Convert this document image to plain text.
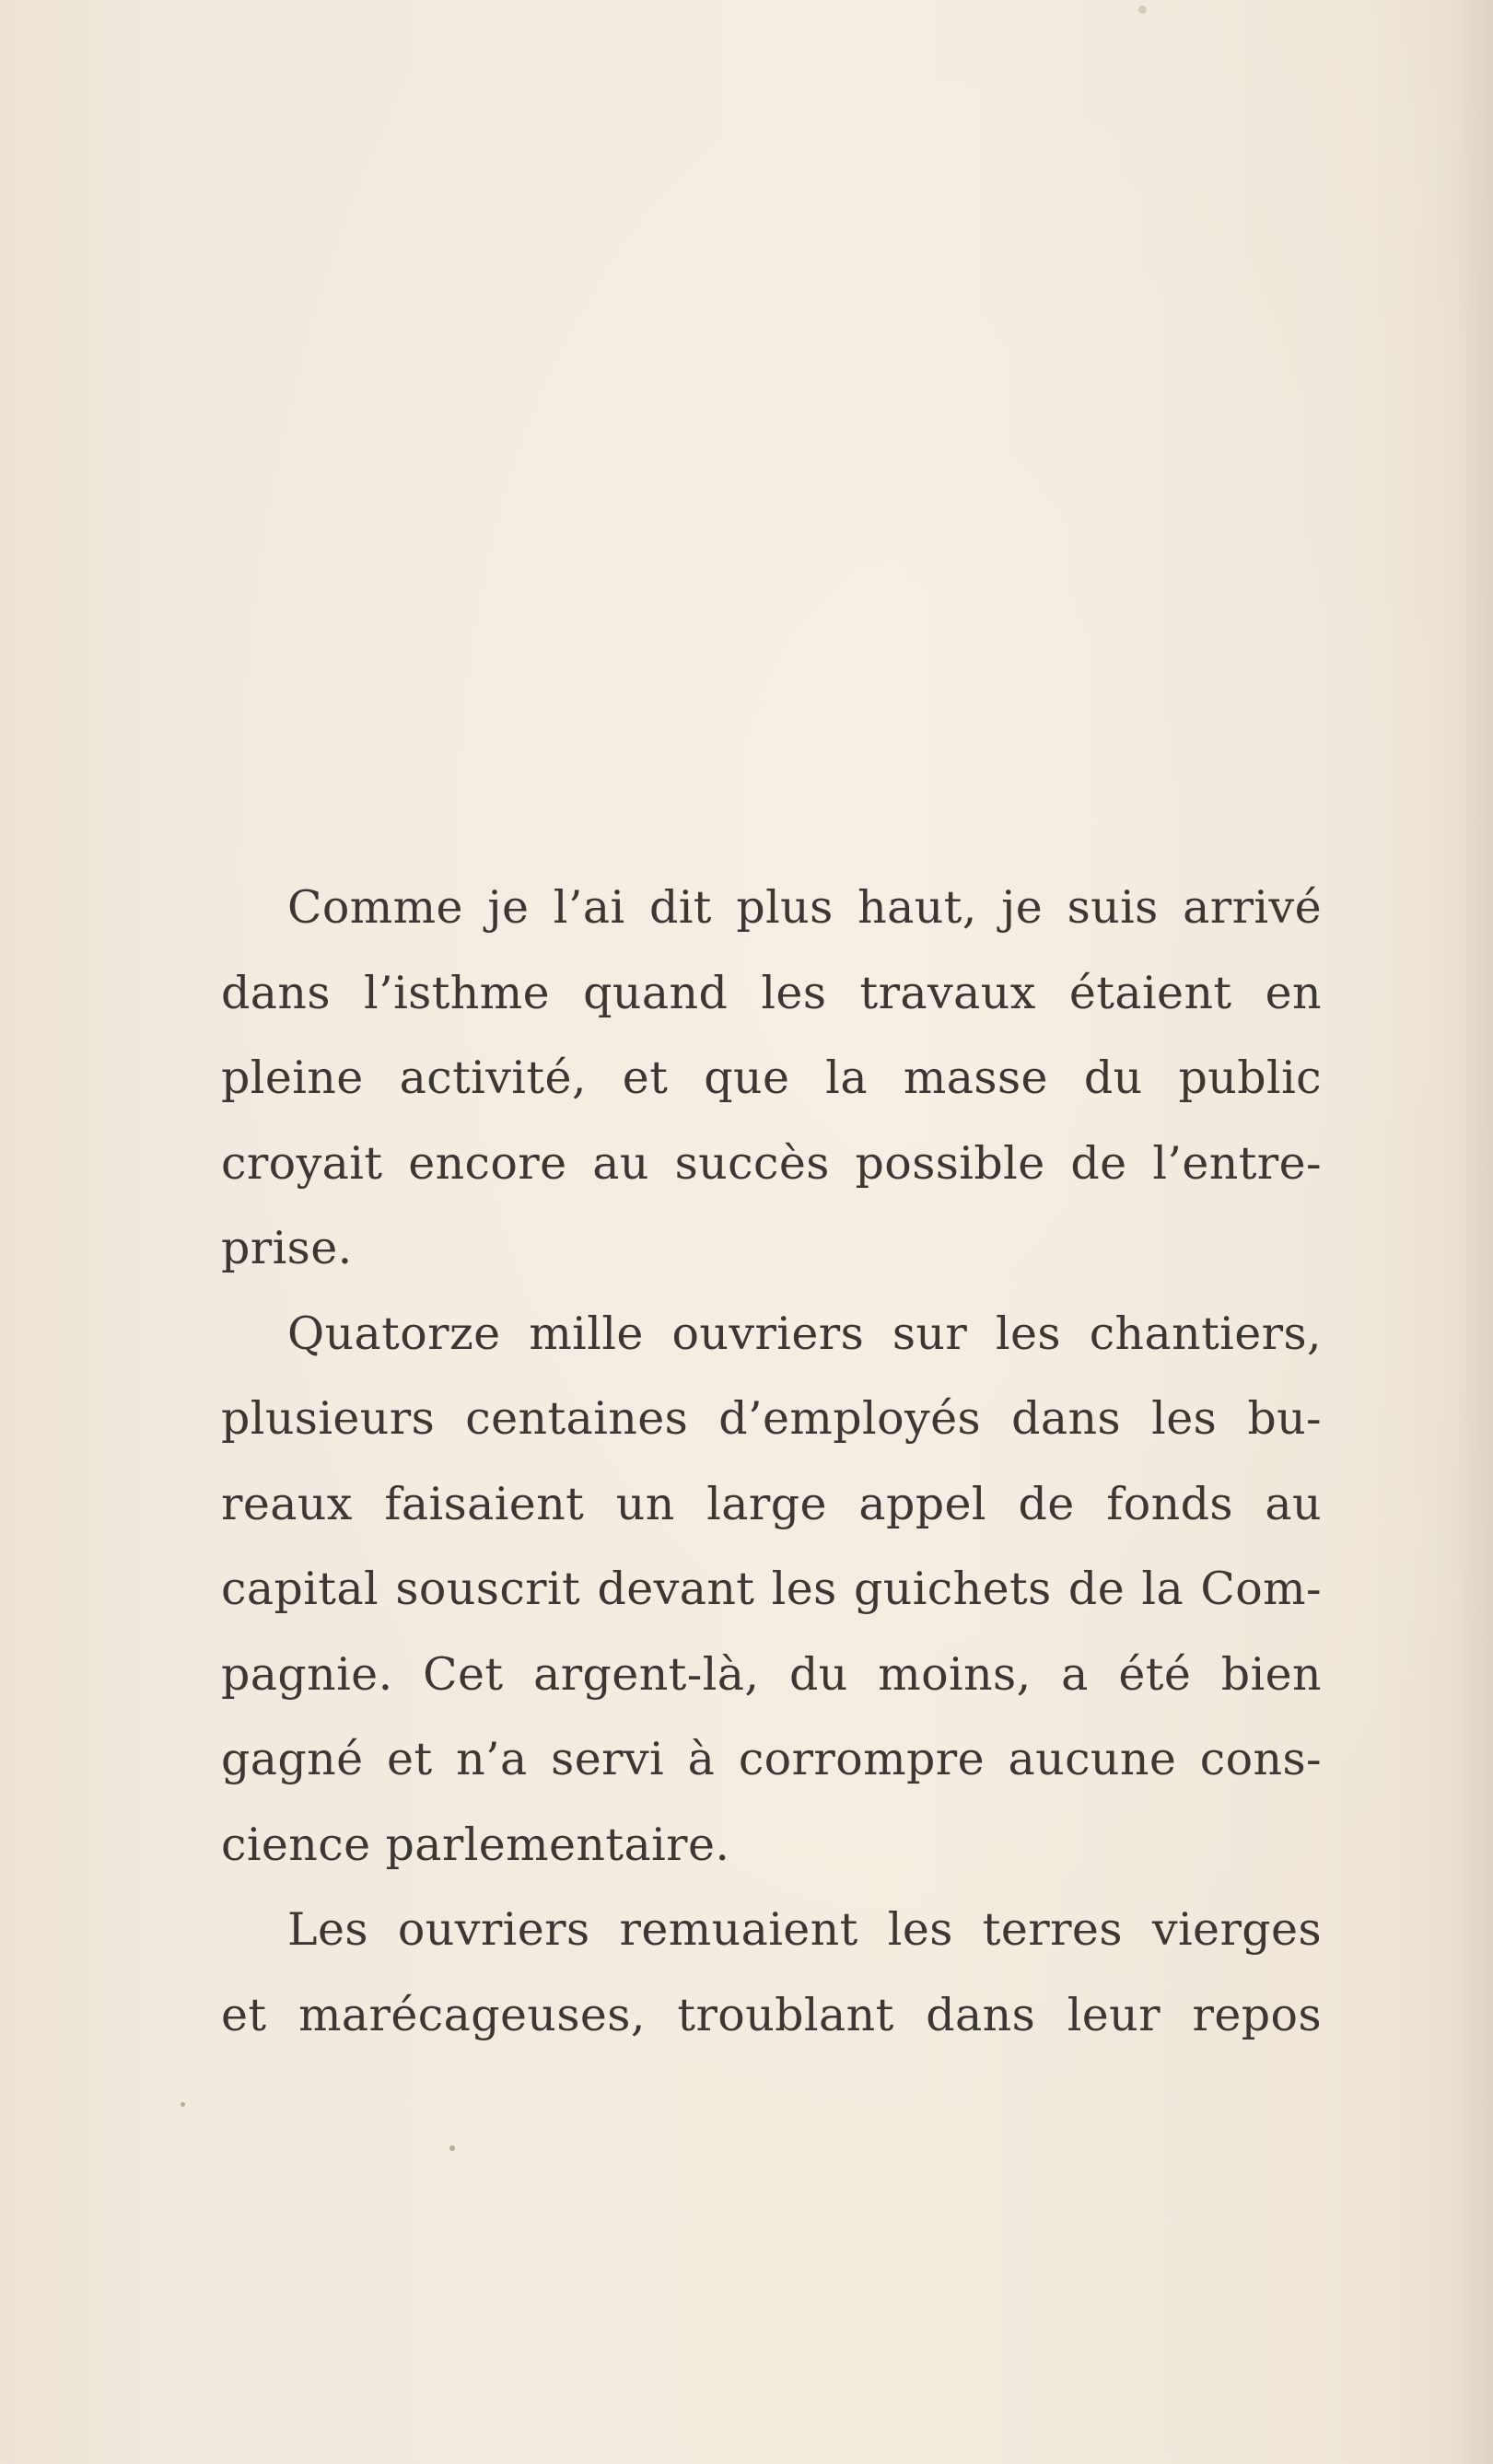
Comme je l’ai dit plus haut, je suis arrivé
dans l’isthme quand les travaux étaient en
pleine activité, et que la masse du public
croyait encore au succès possible de l’entre-
prise.
Quatorze mille ouvriers sur les chantiers,
plusieurs centaines d’employés dans les bu-
reaux faisaient un large appel de fonds au
capital souscrit devant les guichets de la Com-
pagnie. Cet argent-là, du moins, a été bien
gagné et n’a servi à corrompre aucune cons-
cience parlementaire.
Les ouvriers remuaient les terres vierges
et marécageuses, troublant dans leur repos
